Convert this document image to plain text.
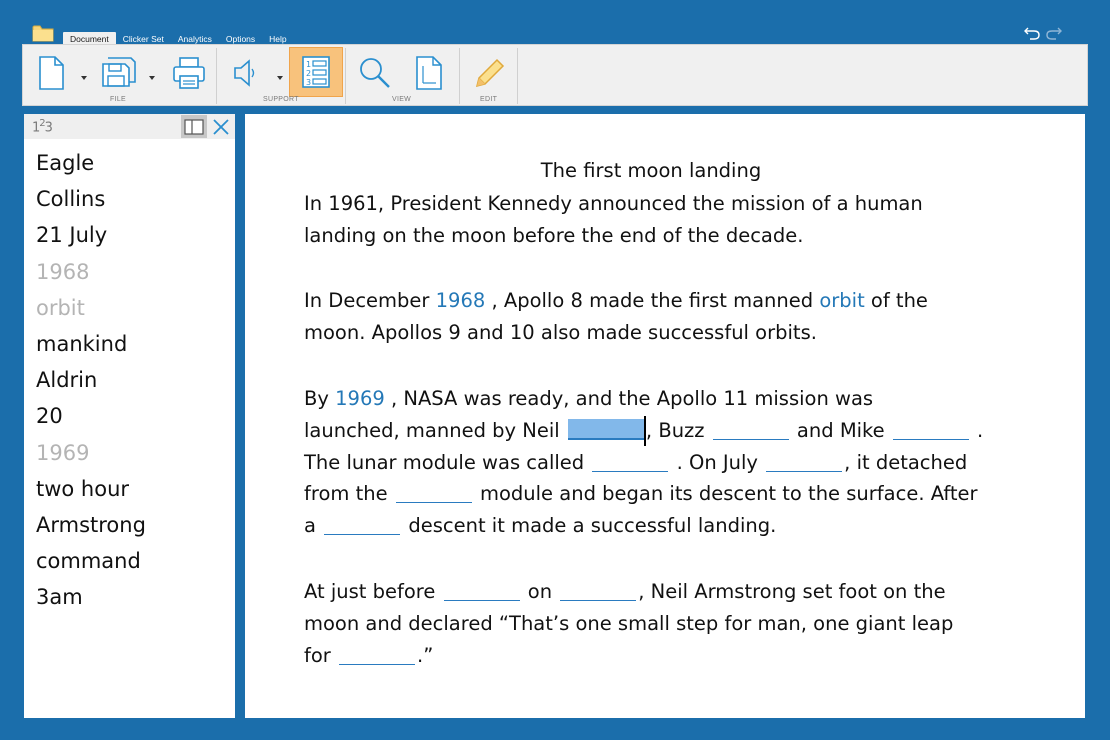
Document	Clicker Set	Analytics	Options	Help
FILE
1
2
3
SUPPORT	VIEW	EDIT
$1^23$
Eagle
Collins
21 July
1968
orbit
mankind
Aldrin
20
1969
two hour
Armstrong
command
3am
The first moon landing
In 1961, President Kennedy announced the mission of a human
landing on the moon before the end of the decade.
In December 1968 , Apollo 8 made the first manned orbit of the
moon. Apollos 9 and 10 also made successful orbits.
By 1969 , NASA was ready, and the Apollo 11 mission was
launched, manned by Neil	, Buzz	and Mike	.
The lunar module was called	. On July	, it detached
from the	module and began its descent to the surface. After
a	descent it made a successful landing.
At just before	on	, Neil Armstrong set foot on the
moon and declared “That’s one small step for man, one giant leap
for	.”
